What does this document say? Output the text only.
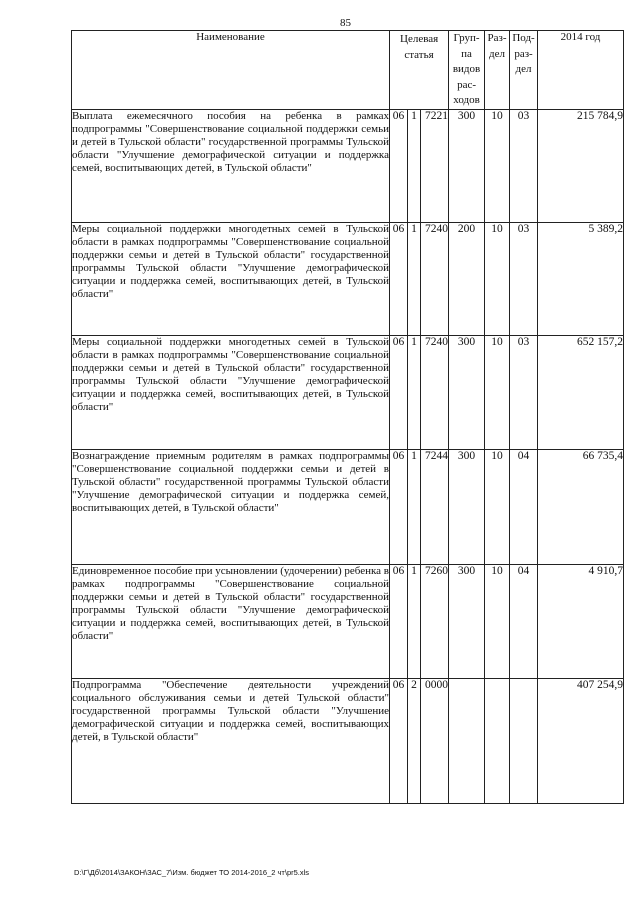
85
Наименование	Целевая статья			Груп-
па
видов
рас-
ходов	Раз-
дел	Под-
раз-
дел	2014 год
Выплата ежемесячного пособия на ребенка в рамках подпрограммы "Совершенствование социальной поддержки семьи и детей в Тульской области" государственной программы Тульской области "Улучшение демографической ситуации и поддержка семей, воспитывающих детей, в Тульской области"	06	1	7221	300	10	03	215 784,9
Меры социальной поддержки многодетных семей в Тульской области в рамках подпрограммы "Совершенствование социальной поддержки семьи и детей в Тульской области" государственной программы Тульской области "Улучшение демографической ситуации и поддержка семей, воспитывающих детей, в Тульской области"	06	1	7240	200	10	03	5 389,2
Меры социальной поддержки многодетных семей в Тульской области в рамках подпрограммы "Совершенствование социальной поддержки семьи и детей в Тульской области" государственной программы Тульской области "Улучшение демографической ситуации и поддержка семей, воспитывающих детей, в Тульской области"	06	1	7240	300	10	03	652 157,2
Вознаграждение приемным родителям в рамках подпрограммы "Совершенствование социальной поддержки семьи и детей в Тульской области" государственной программы Тульской области "Улучшение демографической ситуации и поддержка семей, воспитывающих детей, в Тульской области"	06	1	7244	300	10	04	66 735,4
Единовременное пособие при усыновлении (удочерении) ребенка в рамках подпрограммы "Совершенствование социальной поддержки семьи и детей в Тульской области" государственной программы Тульской области "Улучшение демографической ситуации и поддержка семей, воспитывающих детей, в Тульской области"	06	1	7260	300	10	04	4 910,7
Подпрограмма "Обеспечение деятельности учреждений социального обслуживания семьи и детей Тульской области" государственной программы Тульской области "Улучшение демографической ситуации и поддержка семей, воспитывающих детей, в Тульской области"	06	2	0000				407 254,9
D:\Г\Дб\2014\ЗАКОН\ЗАС_7\Изм. бюджет ТО 2014-2016_2 чт\pr5.xls
